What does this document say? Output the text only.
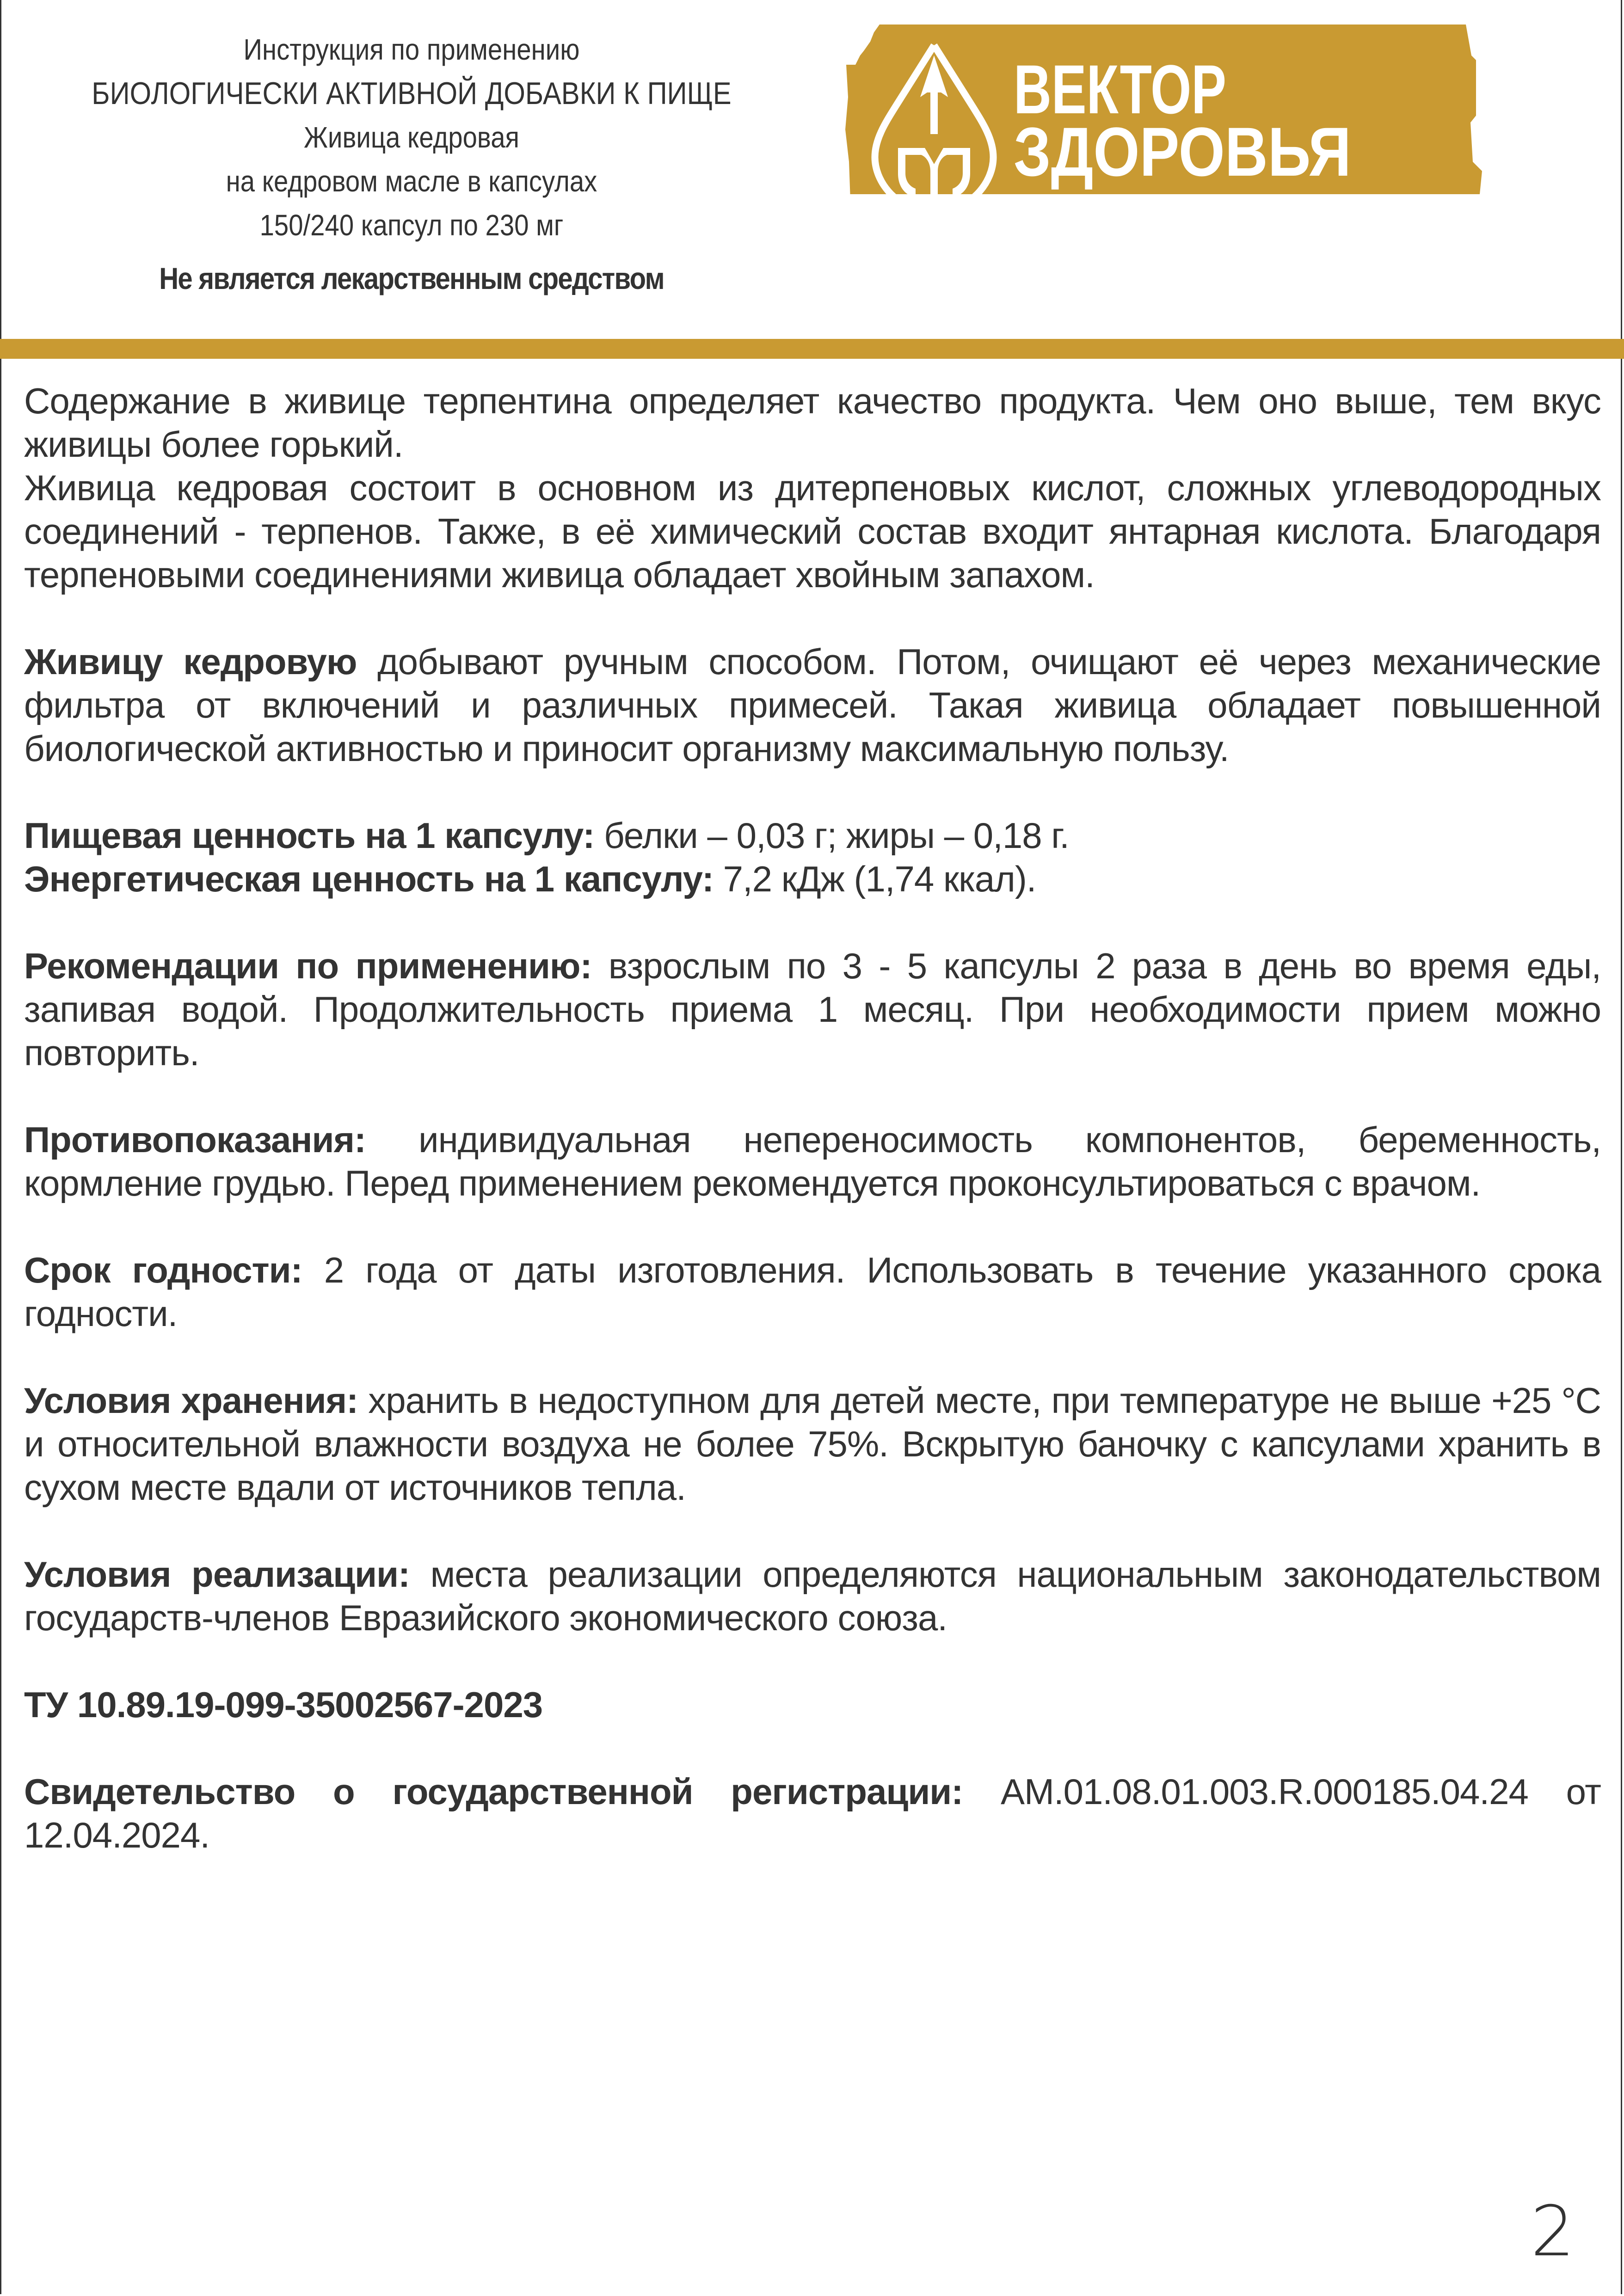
Инструкция по применению
БИОЛОГИЧЕСКИ АКТИВНОЙ ДОБАВКИ К ПИЩЕ
Живица кедровая
на кедровом масле в капсулах
150/240 капсул по 230 мг
Не является лекарственным средством
ВЕКТОР
ЗДОРОВЬЯ

Содержание в живице терпентина определяет качество продукта. Чем оно выше, тем вкус живицы более горький.

Живица кедровая состоит в основном из дитерпеновых кислот, сложных углеводородных соединений - терпенов. Также, в её химический состав входит янтарная кислота. Благодаря терпеновыми соединениями живица обладает хвойным запахом.

Живицу кедровую добывают ручным способом. Потом, очищают её через механические фильтра от включений и различных примесей. Такая живица обладает повышенной биологической активностью и приносит организму максимальную пользу.

Пищевая ценность на 1 капсулу: белки – 0,03 г; жиры – 0,18 г.

Энергетическая ценность на 1 капсулу: 7,2 кДж (1,74 ккал).

Рекомендации по применению: взрослым по 3 - 5 капсулы 2 раза в день во время еды, запивая водой. Продолжительность приема 1 месяц. При необходимости прием можно повторить.

Противопоказания: индивидуальная непереносимость компонентов, беременность, кормление грудью. Перед применением рекомендуется проконсультироваться с врачом.

Срок годности: 2 года от даты изготовления. Использовать в течение указанного срока годности.

Условия хранения: хранить в недоступном для детей месте, при температуре не выше +25 °С и относительной влажности воздуха не более 75%. Вскрытую баночку с капсулами хранить в сухом месте вдали от источников тепла.

Условия реализации: места реализации определяются национальным законодательством государств-членов Евразийского экономического союза.

ТУ 10.89.19-099-35002567-2023

Свидетельство о государственной регистрации: AM.01.08.01.003.R.000185.04.24 от 12.04.2024.

2
